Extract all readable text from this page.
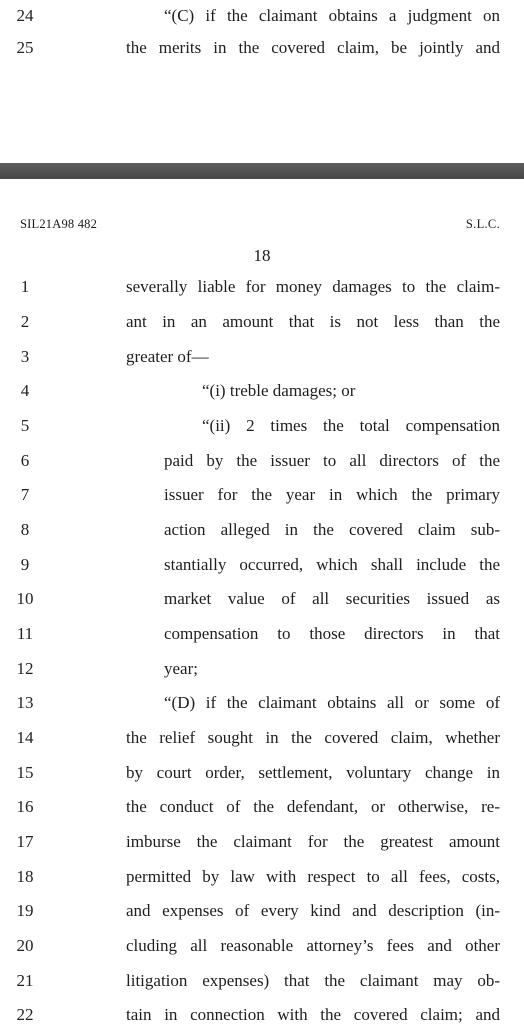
24	“(C) if the claimant obtains a judgment on
25	the merits in the covered claim, be jointly and
SIL21A98 482	S.L.C.
18
1	severally liable for money damages to the claim-
2	ant in an amount that is not less than the
3	greater of—
4	“(i) treble damages; or
5	“(ii) 2 times the total compensation
6	paid by the issuer to all directors of the
7	issuer for the year in which the primary
8	action alleged in the covered claim sub-
9	stantially occurred, which shall include the
10	market value of all securities issued as
11	compensation to those directors in that
12	year;
13	“(D) if the claimant obtains all or some of
14	the relief sought in the covered claim, whether
15	by court order, settlement, voluntary change in
16	the conduct of the defendant, or otherwise, re-
17	imburse the claimant for the greatest amount
18	permitted by law with respect to all fees, costs,
19	and expenses of every kind and description (in-
20	cluding all reasonable attorney’s fees and other
21	litigation expenses) that the claimant may ob-
22	tain in connection with the covered claim; and
